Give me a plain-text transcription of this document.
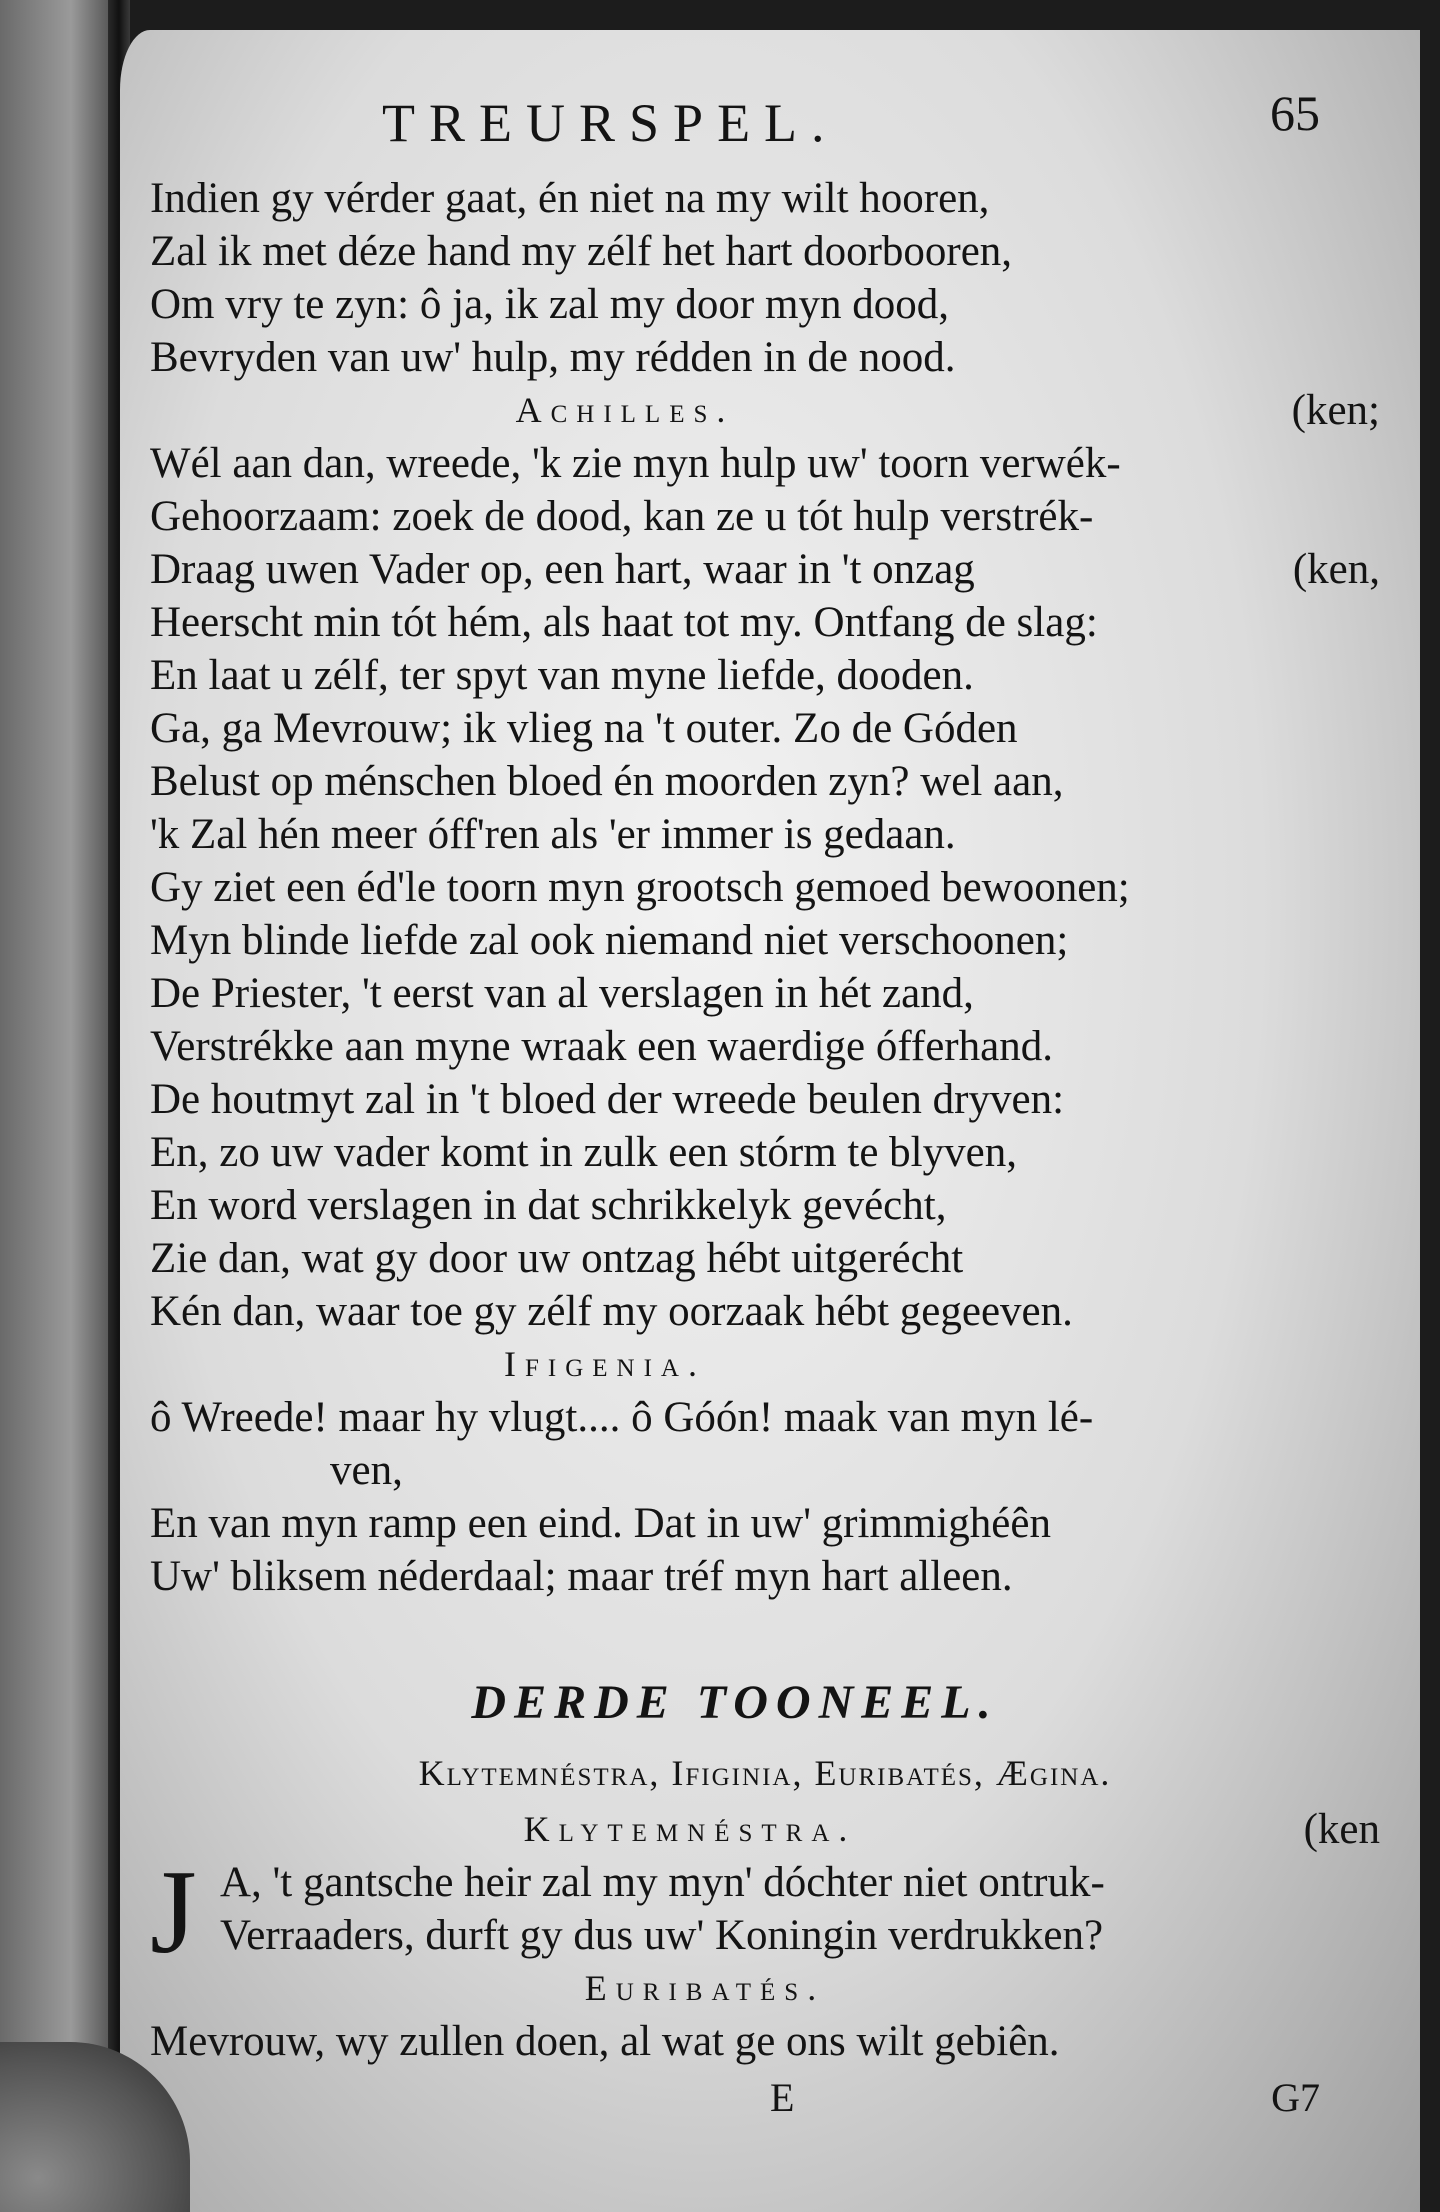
TREURSPEL.	65
Indien gy vérder gaat, én niet na my wilt hooren,
Zal ik met déze hand my zélf het hart doorbooren,
Om vry te zyn: ô ja, ik zal my door myn dood,
Bevryden van uw' hulp, my rédden in de nood.
Achilles.	(ken;
Wél aan dan, wreede, 'k zie myn hulp uw' toorn verwék-
Gehoorzaam: zoek de dood, kan ze u tót hulp verstrék-
Draag uwen Vader op, een hart, waar in 't onzag	(ken,
Heerscht min tót hém, als haat tot my. Ontfang de slag:
En laat u zélf, ter spyt van myne liefde, dooden.
Ga, ga Mevrouw; ik vlieg na 't outer. Zo de Góden
Belust op ménschen bloed én moorden zyn? wel aan,
'k Zal hén meer óff'ren als 'er immer is gedaan.
Gy ziet een éd'le toorn myn grootsch gemoed bewoonen;
Myn blinde liefde zal ook niemand niet verschoonen;
De Priester, 't eerst van al verslagen in hét zand,
Verstrékke aan myne wraak een waerdige ófferhand.
De houtmyt zal in 't bloed der wreede beulen dryven:
En, zo uw vader komt in zulk een stórm te blyven,
En word verslagen in dat schrikkelyk gevécht,
Zie dan, wat gy door uw ontzag hébt uitgerécht
Kén dan, waar toe gy zélf my oorzaak hébt gegeeven.
Ifigenia.
ô Wreede! maar hy vlugt.... ô Góón! maak van myn lé-
ven,
En van myn ramp een eind. Dat in uw' grimmighéên
Uw' bliksem néderdaal; maar tréf myn hart alleen.
DERDE TOONEEL.
Klytemnéstra, Ifiginia, Euribatés, Ægina.
Klytemnéstra.	(ken
J A, 't gantsche heir zal my myn' dóchter niet ontruk-
Verraaders, durft gy dus uw' Koningin verdrukken?
Euribatés.
Mevrouw, wy zullen doen, al wat ge ons wilt gebiên.
E	G7
